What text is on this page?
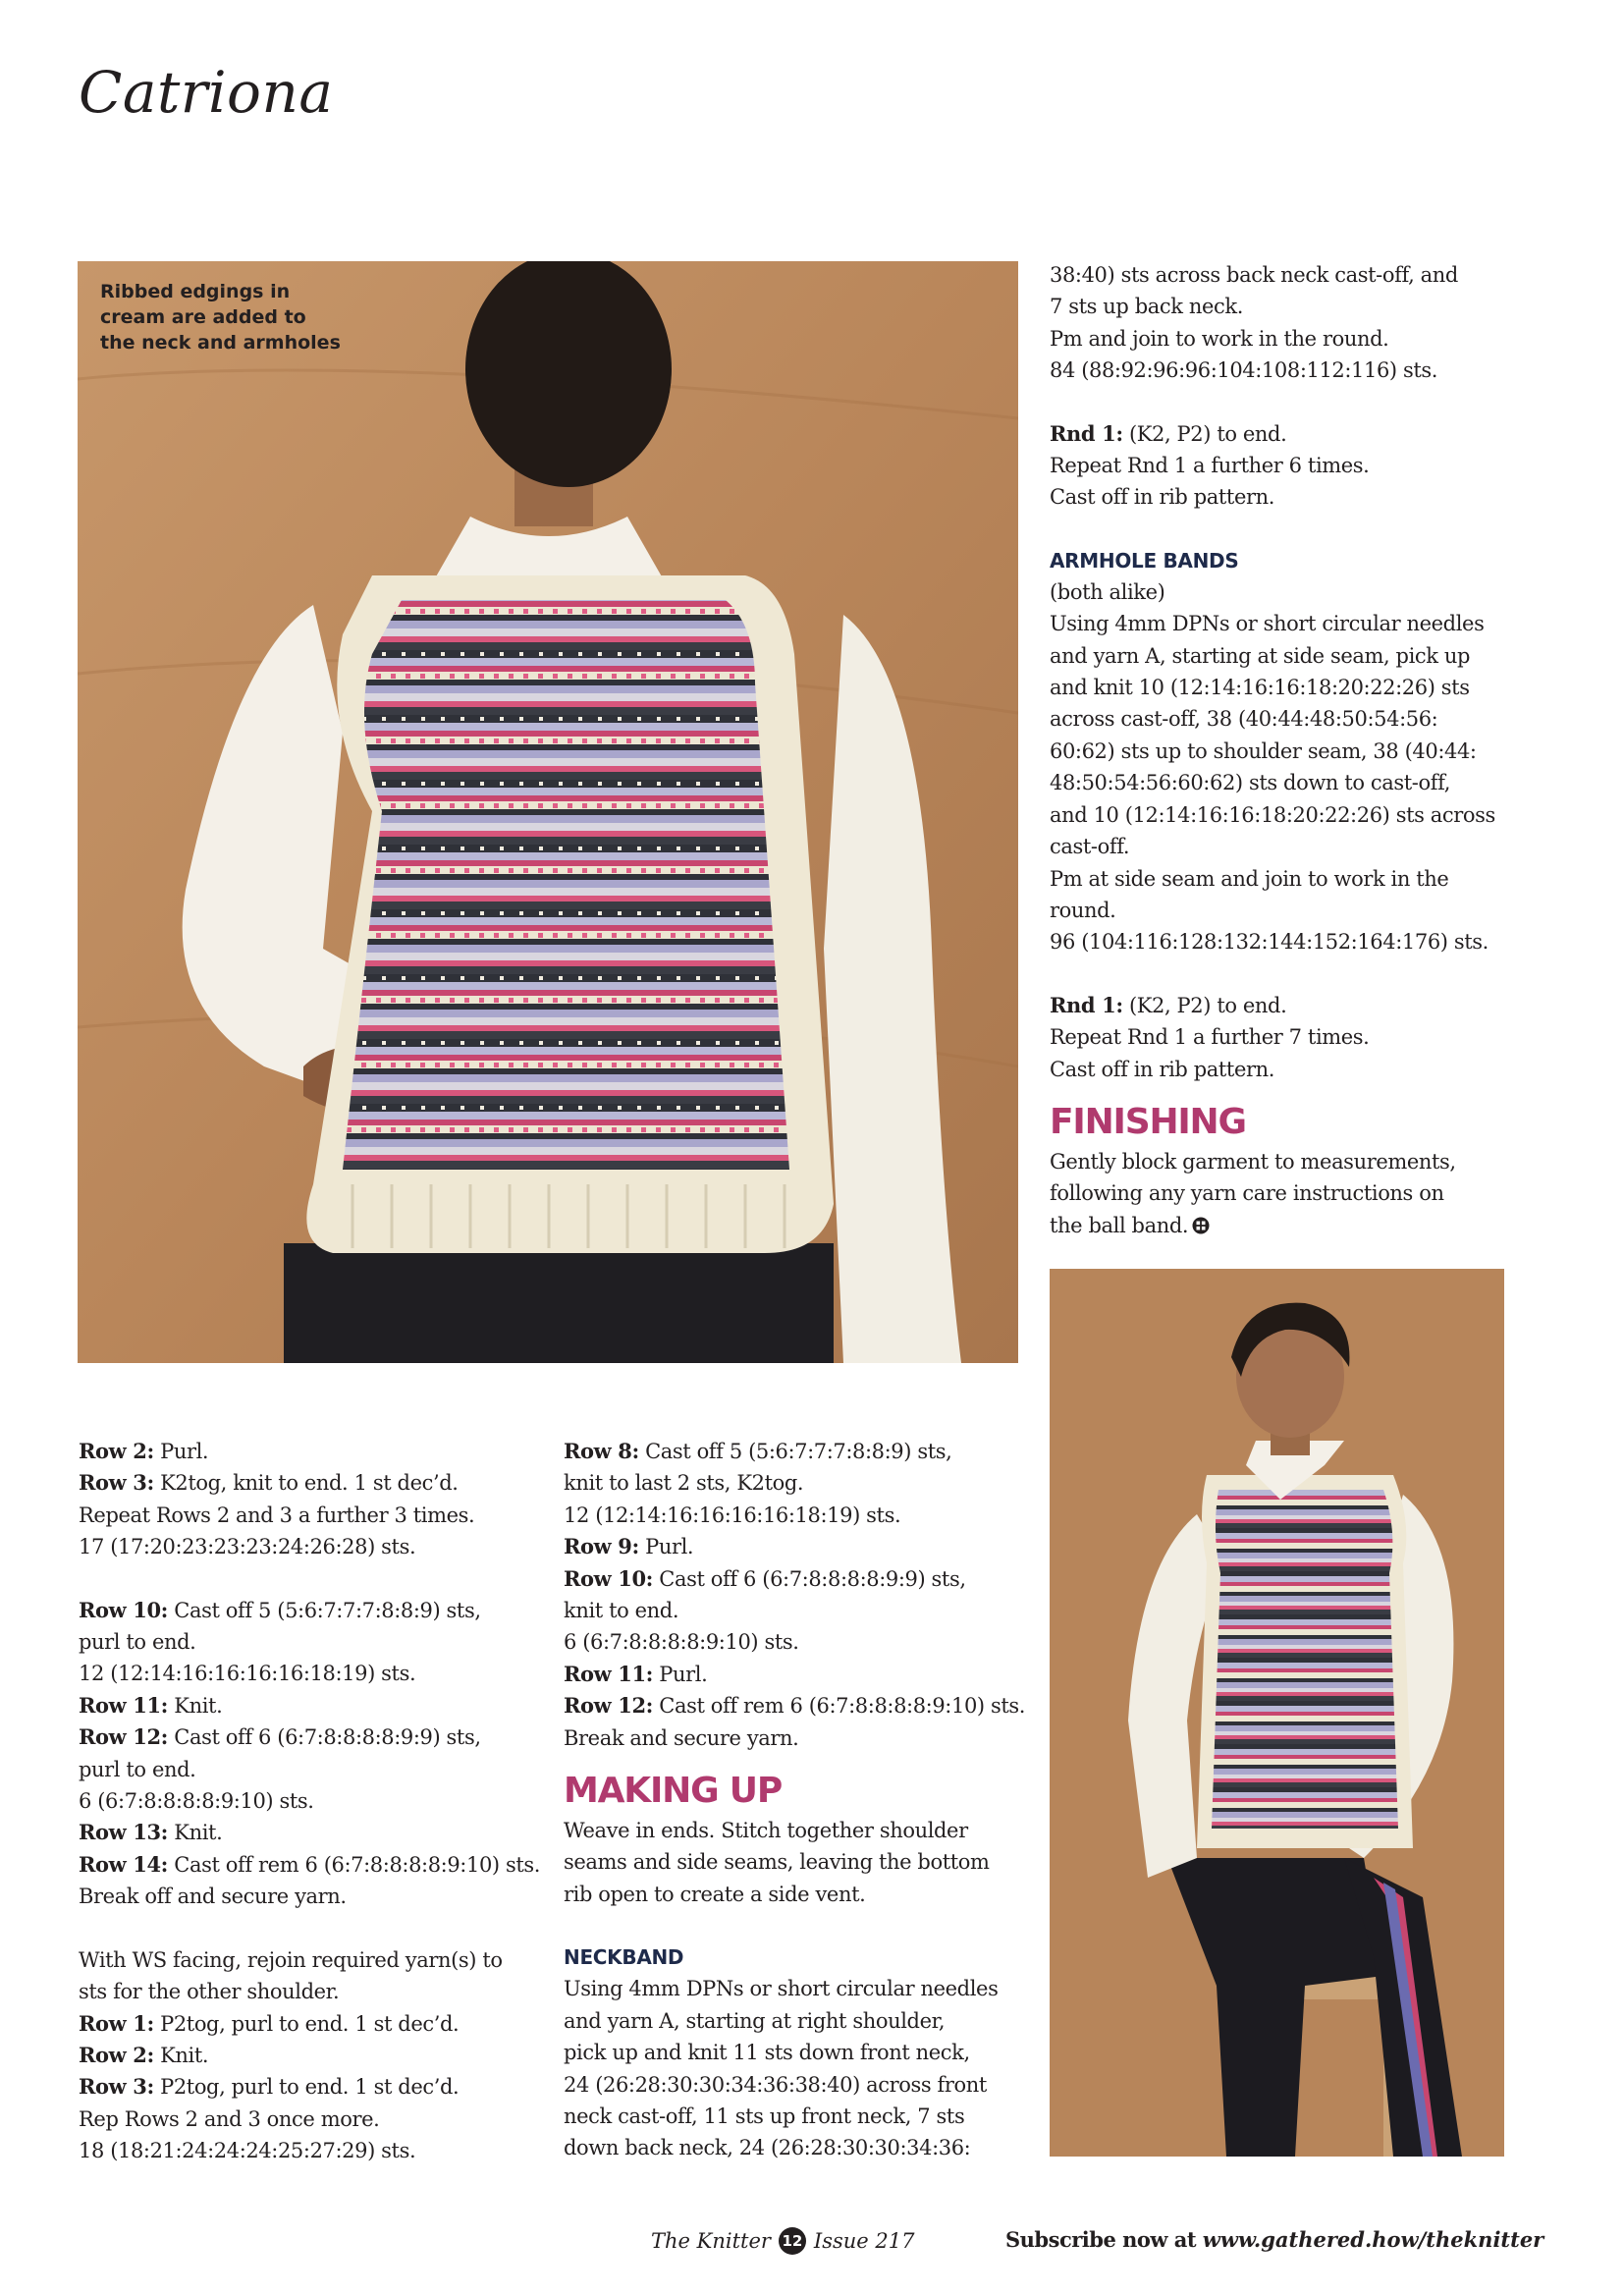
Catriona
Ribbed edgings in
cream are added to
the neck and armholes

38:40) sts across back neck cast-off, and

7 sts up back neck.

Pm and join to work in the round.

84 (88:92:96:96:104:108:112:116) sts.

Rnd 1: (K2, P2) to end.

Repeat Rnd 1 a further 6 times.

Cast off in rib pattern.

ARMHOLE BANDS

(both alike)

Using 4mm DPNs or short circular needles

and yarn A, starting at side seam, pick up

and knit 10 (12:14:16:16:18:20:22:26) sts

across cast-off, 38 (40:44:48:50:54:56:

60:62) sts up to shoulder seam, 38 (40:44:

48:50:54:56:60:62) sts down to cast-off,

and 10 (12:14:16:16:18:20:22:26) sts across

cast-off.

Pm at side seam and join to work in the

round.

96 (104:116:128:132:144:152:164:176) sts.

Rnd 1: (K2, P2) to end.

Repeat Rnd 1 a further 7 times.

Cast off in rib pattern.

FINISHING

Gently block garment to measurements,

following any yarn care instructions on

the ball band.

Row 2: Purl.

Row 3: K2tog, knit to end. 1 st dec’d.

Repeat Rows 2 and 3 a further 3 times.

17 (17:20:23:23:23:24:26:28) sts.

Row 10: Cast off 5 (5:6:7:7:7:8:8:9) sts,

purl to end.

12 (12:14:16:16:16:16:18:19) sts.

Row 11: Knit.

Row 12: Cast off 6 (6:7:8:8:8:8:9:9) sts,

purl to end.

6 (6:7:8:8:8:8:9:10) sts.

Row 13: Knit.

Row 14: Cast off rem 6 (6:7:8:8:8:8:9:10) sts.

Break off and secure yarn.

With WS facing, rejoin required yarn(s) to

sts for the other shoulder.

Row 1: P2tog, purl to end. 1 st dec’d.

Row 2: Knit.

Row 3: P2tog, purl to end. 1 st dec’d.

Rep Rows 2 and 3 once more.

18 (18:21:24:24:24:25:27:29) sts.

Row 8: Cast off 5 (5:6:7:7:7:8:8:9) sts,

knit to last 2 sts, K2tog.

12 (12:14:16:16:16:16:18:19) sts.

Row 9: Purl.

Row 10: Cast off 6 (6:7:8:8:8:8:9:9) sts,

knit to end.

6 (6:7:8:8:8:8:9:10) sts.

Row 11: Purl.

Row 12: Cast off rem 6 (6:7:8:8:8:8:9:10) sts.

Break and secure yarn.

MAKING UP

Weave in ends. Stitch together shoulder

seams and side seams, leaving the bottom

rib open to create a side vent.

NECKBAND

Using 4mm DPNs or short circular needles

and yarn A, starting at right shoulder,

pick up and knit 11 sts down front neck,

24 (26:28:30:30:34:36:38:40) across front

neck cast-off, 11 sts up front neck, 7 sts

down back neck, 24 (26:28:30:30:34:36:

The Knitter 12 Issue 217	Subscribe now at www.gathered.how/theknitter
